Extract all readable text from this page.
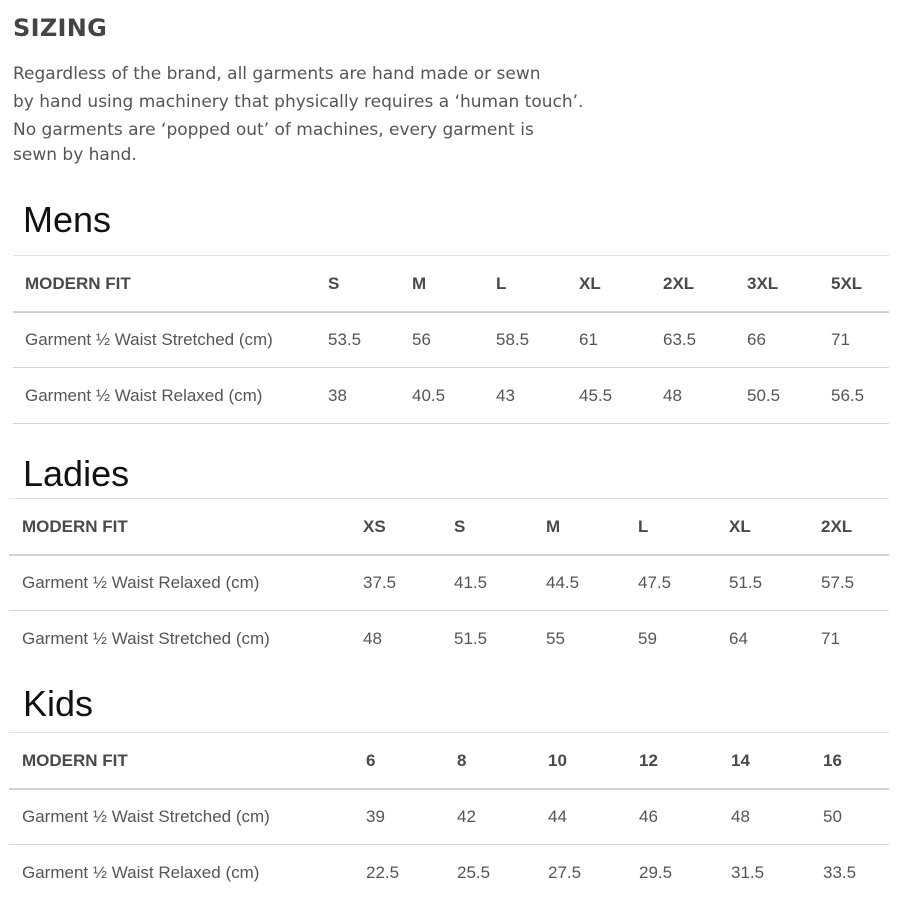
SIZING
Regardless of the brand, all garments are hand made or sewn
by hand using machinery that physically requires a ‘human touch’.
No garments are ‘popped out’ of machines, every garment is
sewn by hand.
Mens
MODERN FIT	S	M	L	XL	2XL	3XL	5XL
Garment ½ Waist Stretched (cm)	53.5	56	58.5	61	63.5	66	71
Garment ½ Waist Relaxed (cm)	38	40.5	43	45.5	48	50.5	56.5
Ladies
MODERN FIT	XS	S	M	L	XL	2XL
Garment ½ Waist Relaxed (cm)	37.5	41.5	44.5	47.5	51.5	57.5
Garment ½ Waist Stretched (cm)	48	51.5	55	59	64	71
Kids
MODERN FIT	6	8	10	12	14	16
Garment ½ Waist Stretched (cm)	39	42	44	46	48	50
Garment ½ Waist Relaxed (cm)	22.5	25.5	27.5	29.5	31.5	33.5
